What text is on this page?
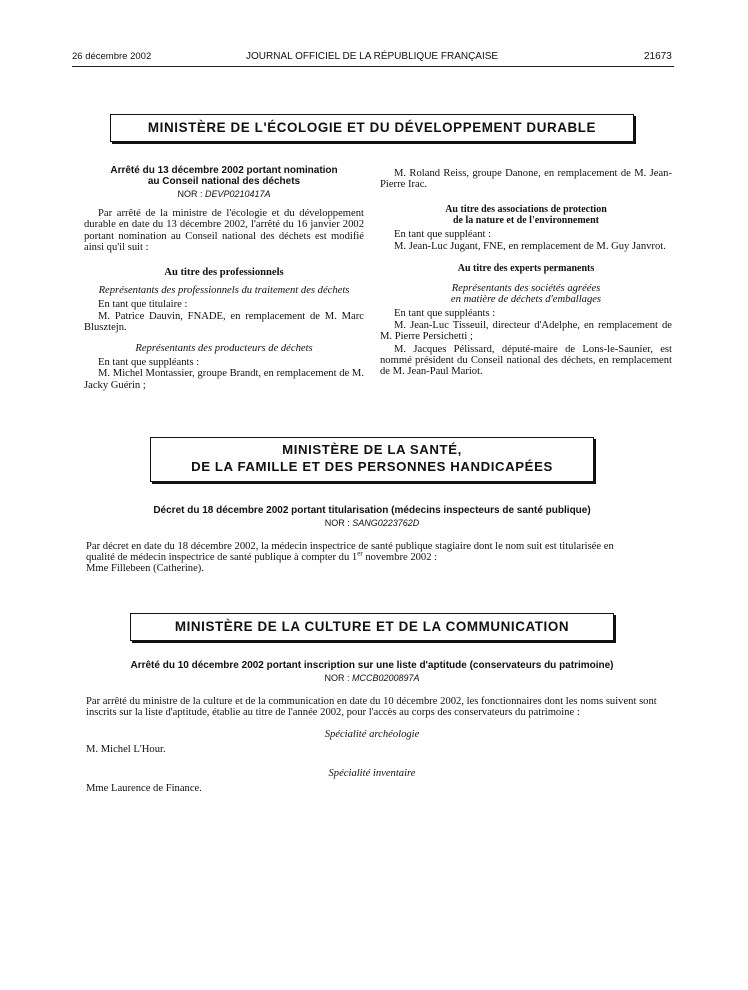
26 décembre 2002	JOURNAL OFFICIEL DE LA RÉPUBLIQUE FRANÇAISE	21673
MINISTÈRE DE L'ÉCOLOGIE ET DU DÉVELOPPEMENT DURABLE
Arrêté du 13 décembre 2002 portant nomination
au Conseil national des déchets
NOR : DEVP0210417A

Par arrêté de la ministre de l'écologie et du développement durable en date du 13 décembre 2002, l'arrêté du 16 janvier 2002 portant nomination au Conseil national des déchets est modifié ainsi qu'il suit :

Au titre des professionnels

Représentants des professionnels du traitement des déchets

En tant que titulaire :

M. Patrice Dauvin, FNADE, en remplacement de M. Marc Blusztejn.

Représentants des producteurs de déchets

En tant que suppléants :

M. Michel Montassier, groupe Brandt, en remplacement de M. Jacky Guérin ;

M. Roland Reiss, groupe Danone, en remplacement de M. Jean-Pierre Irac.

Au titre des associations de protection

de la nature et de l'environnement

En tant que suppléant :

M. Jean-Luc Jugant, FNE, en remplacement de M. Guy Janvrot.

Au titre des experts permanents

Représentants des sociétés agréées

en matière de déchets d'emballages

En tant que suppléants :

M. Jean-Luc Tisseuil, directeur d'Adelphe, en remplacement de M. Pierre Persichetti ;

M. Jacques Pélissard, député-maire de Lons-le-Saunier, est nommé président du Conseil national des déchets, en remplacement de M. Jean-Paul Mariot.

MINISTÈRE DE LA SANTÉ,
DE LA FAMILLE ET DES PERSONNES HANDICAPÉES
Décret du 18 décembre 2002 portant titularisation (médecins inspecteurs de santé publique)
NOR : SANG0223762D

Par décret en date du 18 décembre 2002, la médecin inspectrice de santé publique stagiaire dont le nom suit est titularisée en

qualité de médecin inspectrice de santé publique à compter du 1er novembre 2002 :

Mme Fillebeen (Catherine).

MINISTÈRE DE LA CULTURE ET DE LA COMMUNICATION
Arrêté du 10 décembre 2002 portant inscription sur une liste d'aptitude (conservateurs du patrimoine)
NOR : MCCB0200897A

Par arrêté du ministre de la culture et de la communication en date du 10 décembre 2002, les fonctionnaires dont les noms suivent sont

inscrits sur la liste d'aptitude, établie au titre de l'année 2002, pour l'accès au corps des conservateurs du patrimoine :

Spécialité archéologie
M. Michel L'Hour.
Spécialité inventaire
Mme Laurence de Finance.
